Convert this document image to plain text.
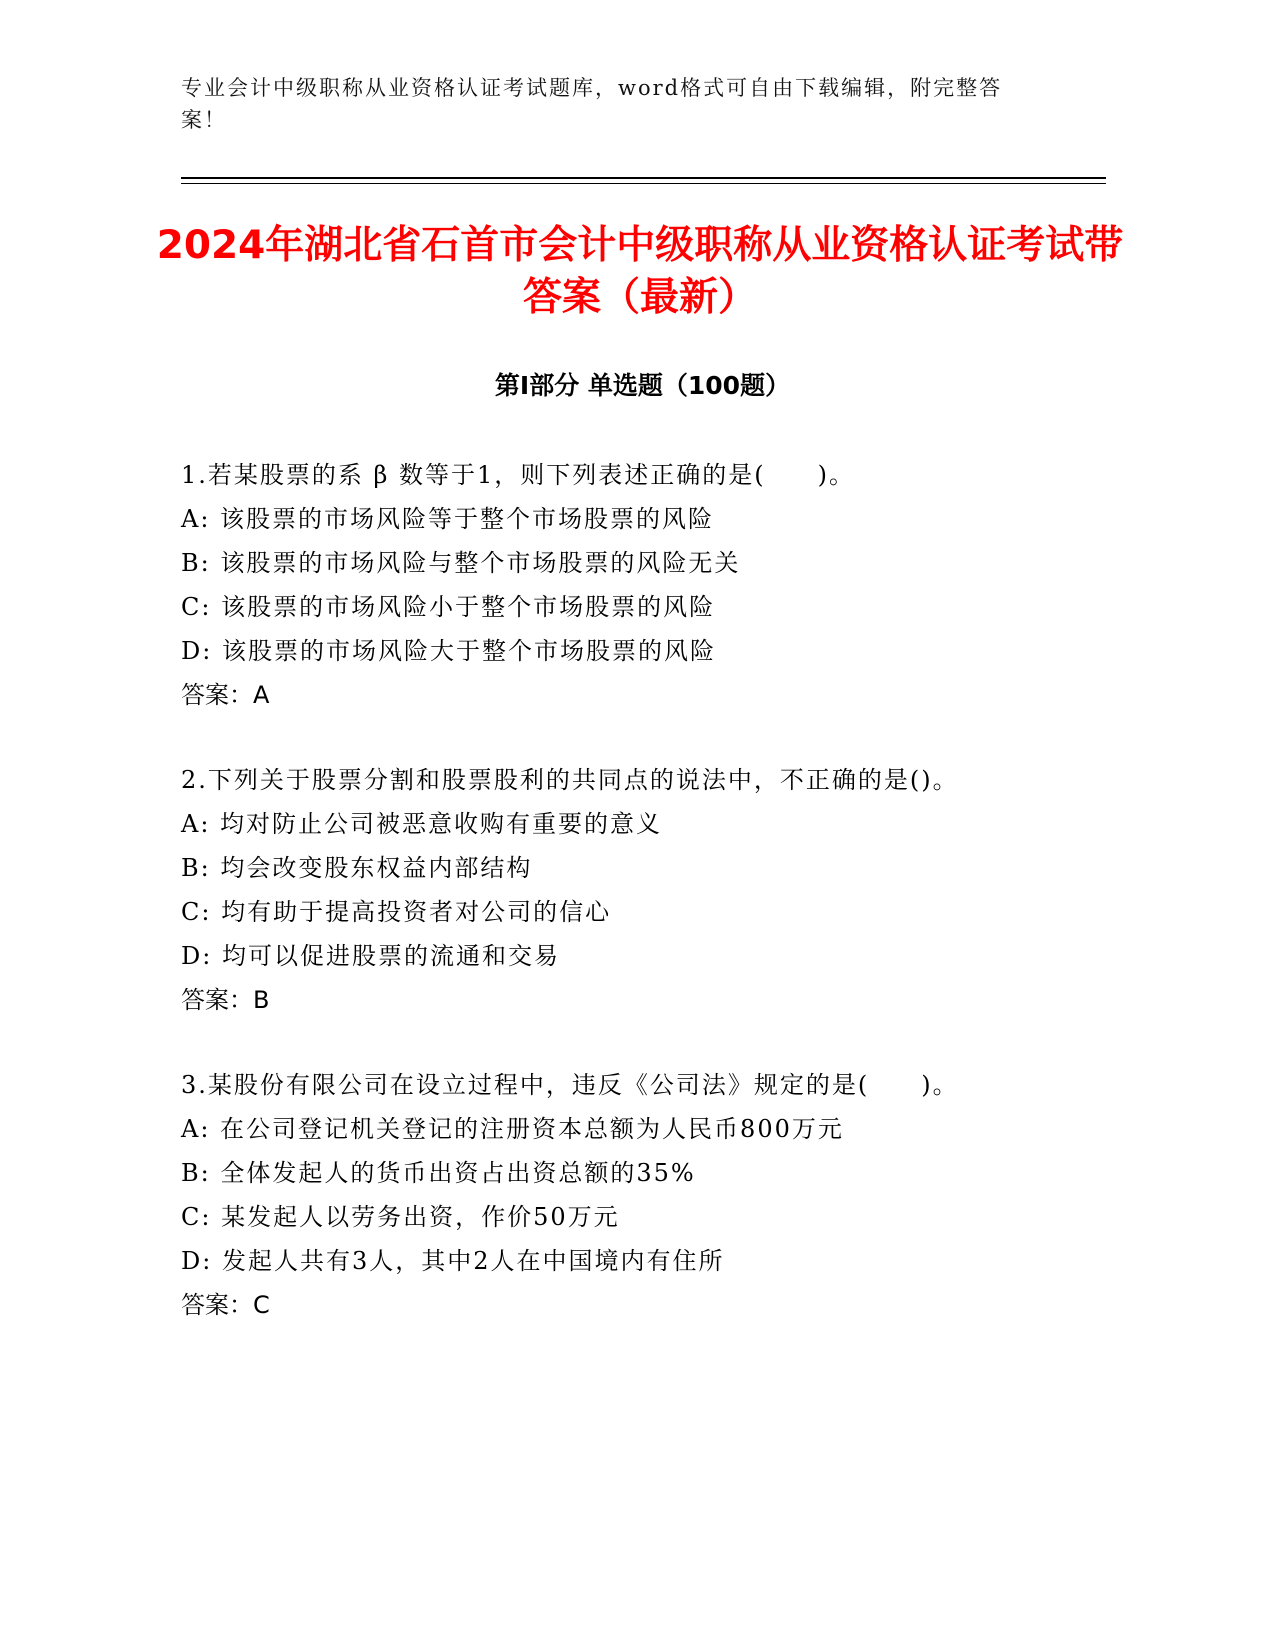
专业会计中级职称从业资格认证考试题库，word格式可自由下载编辑，附完整答案！
2024年湖北省石首市会计中级职称从业资格认证考试带答案（最新）
第I部分 单选题（100题）
1.若某股票的系 β 数等于1，则下列表述正确的是(　　)。
A: 该股票的市场风险等于整个市场股票的风险
B: 该股票的市场风险与整个市场股票的风险无关
C: 该股票的市场风险小于整个市场股票的风险
D: 该股票的市场风险大于整个市场股票的风险
答案：A
2.下列关于股票分割和股票股利的共同点的说法中，不正确的是()。
A: 均对防止公司被恶意收购有重要的意义
B: 均会改变股东权益内部结构
C: 均有助于提高投资者对公司的信心
D: 均可以促进股票的流通和交易
答案：B
3.某股份有限公司在设立过程中，违反《公司法》规定的是(　　)。
A: 在公司登记机关登记的注册资本总额为人民币800万元
B: 全体发起人的货币出资占出资总额的35%
C: 某发起人以劳务出资，作价50万元
D: 发起人共有3人，其中2人在中国境内有住所
答案：C
